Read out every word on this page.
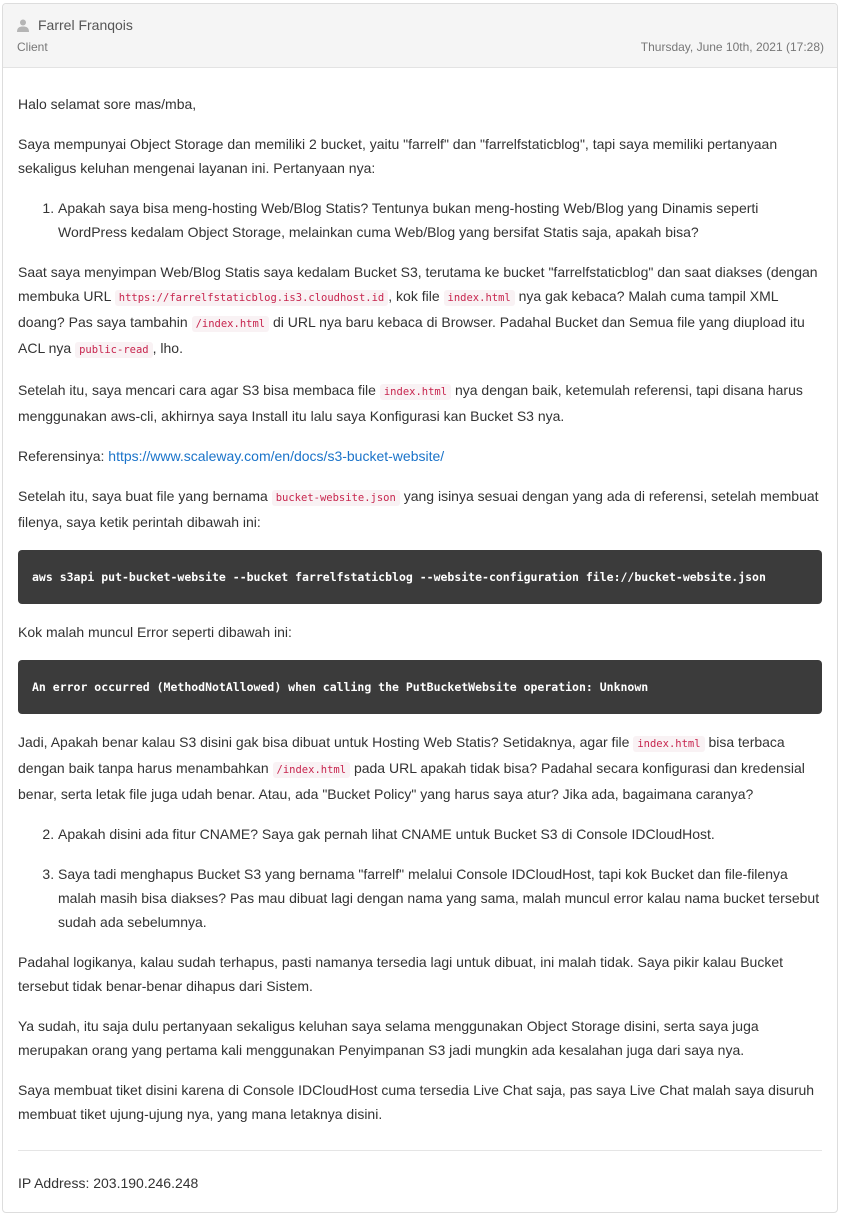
Farrel Franqois
Client	Thursday, June 10th, 2021 (17:28)

Halo selamat sore mas/mba,

Saya mempunyai Object Storage dan memiliki 2 bucket, yaitu "farrelf" dan "farrelfstaticblog", tapi saya memiliki pertanyaan sekaligus keluhan mengenai layanan ini. Pertanyaan nya:

1. Apakah saya bisa meng-hosting Web/Blog Statis? Tentunya bukan meng-hosting Web/Blog yang Dinamis seperti WordPress kedalam Object Storage, melainkan cuma Web/Blog yang bersifat Statis saja, apakah bisa?

Saat saya menyimpan Web/Blog Statis saya kedalam Bucket S3, terutama ke bucket "farrelfstaticblog" dan saat diakses (dengan membuka URL https://farrelfstaticblog.is3.cloudhost.id , kok file index.html nya gak kebaca? Malah cuma tampil XML doang? Pas saya tambahin /index.html di URL nya baru kebaca di Browser. Padahal Bucket dan Semua file yang diupload itu ACL nya public-read , lho.

Setelah itu, saya mencari cara agar S3 bisa membaca file index.html nya dengan baik, ketemulah referensi, tapi disana harus menggunakan aws-cli, akhirnya saya Install itu lalu saya Konfigurasi kan Bucket S3 nya.

Referensinya: https://www.scaleway.com/en/docs/s3-bucket-website/

Setelah itu, saya buat file yang bernama bucket-website.json yang isinya sesuai dengan yang ada di referensi, setelah membuat filenya, saya ketik perintah dibawah ini:

aws s3api put-bucket-website --bucket farrelfstaticblog --website-configuration file://bucket-website.json

Kok malah muncul Error seperti dibawah ini:

An error occurred (MethodNotAllowed) when calling the PutBucketWebsite operation: Unknown

Jadi, Apakah benar kalau S3 disini gak bisa dibuat untuk Hosting Web Statis? Setidaknya, agar file index.html bisa terbaca dengan baik tanpa harus menambahkan /index.html pada URL apakah tidak bisa? Padahal secara konfigurasi dan kredensial benar, serta letak file juga udah benar. Atau, ada "Bucket Policy" yang harus saya atur? Jika ada, bagaimana caranya?

2. Apakah disini ada fitur CNAME? Saya gak pernah lihat CNAME untuk Bucket S3 di Console IDCloudHost.
3. Saya tadi menghapus Bucket S3 yang bernama "farrelf" melalui Console IDCloudHost, tapi kok Bucket dan file-filenya malah masih bisa diakses? Pas mau dibuat lagi dengan nama yang sama, malah muncul error kalau nama bucket tersebut sudah ada sebelumnya.

Padahal logikanya, kalau sudah terhapus, pasti namanya tersedia lagi untuk dibuat, ini malah tidak. Saya pikir kalau Bucket tersebut tidak benar-benar dihapus dari Sistem.

Ya sudah, itu saja dulu pertanyaan sekaligus keluhan saya selama menggunakan Object Storage disini, serta saya juga merupakan orang yang pertama kali menggunakan Penyimpanan S3 jadi mungkin ada kesalahan juga dari saya nya.

Saya membuat tiket disini karena di Console IDCloudHost cuma tersedia Live Chat saja, pas saya Live Chat malah saya disuruh membuat tiket ujung-ujung nya, yang mana letaknya disini.

IP Address: 203.190.246.248
